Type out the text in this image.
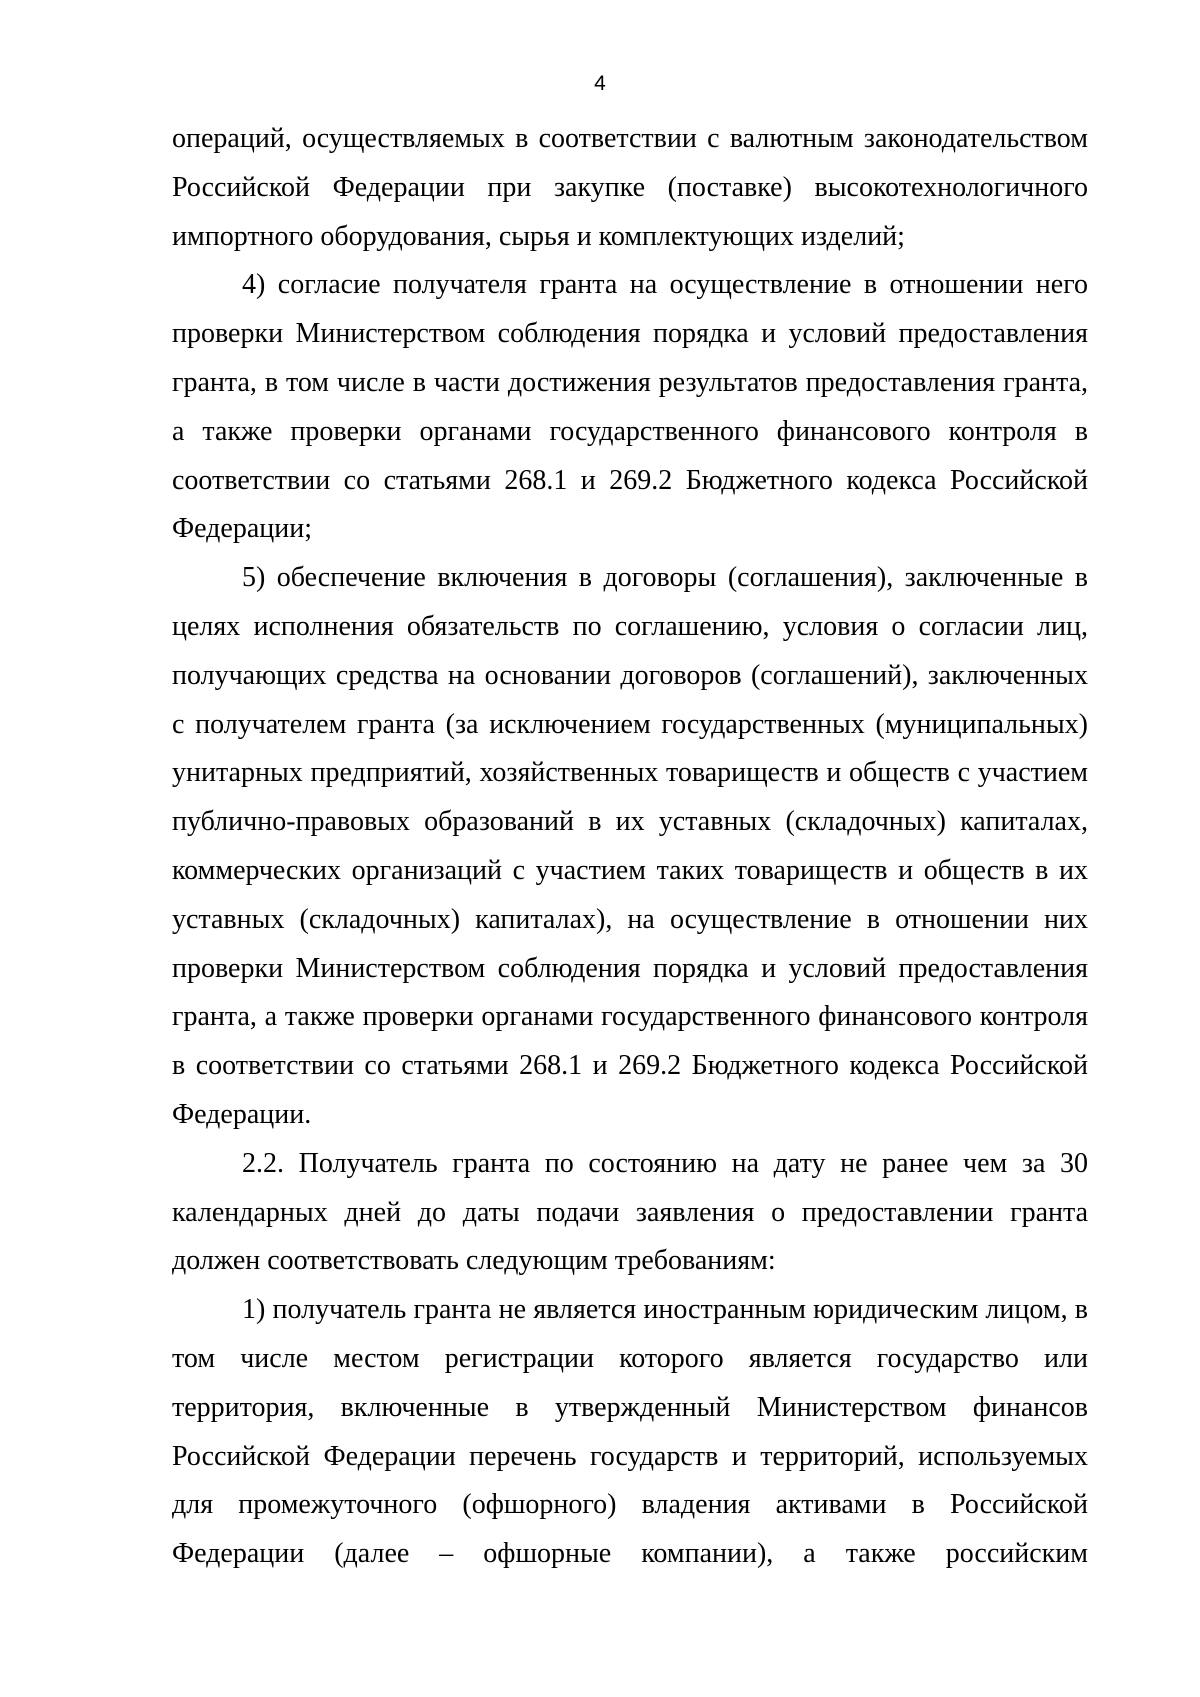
4

операций, осуществляемых в соответствии с валютным законодательством Российской Федерации при закупке (поставке) высокотехнологичного импортного оборудования, сырья и комплектующих изделий;

4) согласие получателя гранта на осуществление в отношении него проверки Министерством соблюдения порядка и условий предоставления гранта, в том числе в части достижения результатов предоставления гранта, а также проверки органами государственного финансового контроля в соответствии со статьями 268.1 и 269.2 Бюджетного кодекса Российской Федерации;

5) обеспечение включения в договоры (соглашения), заключенные в целях исполнения обязательств по соглашению, условия о согласии лиц, получающих средства на основании договоров (соглашений), заключенных с получателем гранта (за исключением государственных (муниципальных) унитарных предприятий, хозяйственных товариществ и обществ с участием публично-правовых образований в их уставных (складочных) капиталах, коммерческих организаций с участием таких товариществ и обществ в их уставных (складочных) капиталах), на осуществление в отношении них проверки Министерством соблюдения порядка и условий предоставления гранта, а также проверки органами государственного финансового контроля в соответствии со статьями 268.1 и 269.2 Бюджетного кодекса Российской Федерации.

2.2. Получатель гранта по состоянию на дату не ранее чем за 30 календарных дней до даты подачи заявления о предоставлении гранта должен соответствовать следующим требованиям:

1) получатель гранта не является иностранным юридическим лицом, в том числе местом регистрации которого является государство или территория, включенные в утвержденный Министерством финансов Российской Федерации перечень государств и территорий, используемых для промежуточного (офшорного) владения активами в Российской Федерации (далее – офшорные компании), а также российским
